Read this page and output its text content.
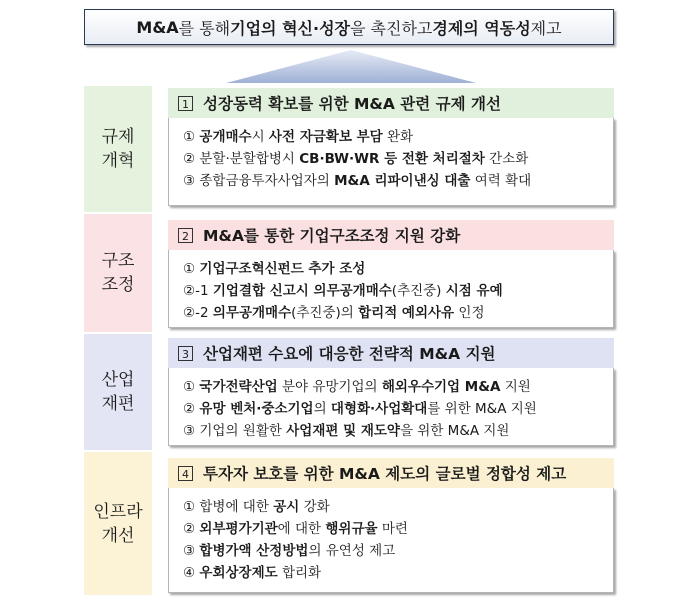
M&A 를 통해 기업의 혁신·성장 을 촉진하고 경제의 역동성 제고
규제
개혁
1 성장동력 확보를 위한 M&A 관련 규제 개선
① 공개매수시 사전 자금확보 부담 완화
② 분할·분할합병시 CB·BW·WR 등 전환 처리절차 간소화
③ 종합금융투자사업자의 M&A 리파이낸싱 대출 여력 확대
구조
조정
2 M&A를 통한 기업구조조정 지원 강화
① 기업구조혁신펀드 추가 조성
②-1 기업결합 신고시 의무공개매수(추진중) 시점 유예
②-2 의무공개매수(추진중)의 합리적 예외사유 인정
산업
재편
3 산업재편 수요에 대응한 전략적 M&A 지원
① 국가전략산업 분야 유망기업의 해외우수기업 M&A 지원
② 유망 벤처·중소기업의 대형화·사업확대를 위한 M&A 지원
③ 기업의 원활한 사업재편 및 재도약을 위한 M&A 지원
인프라
개선
4 투자자 보호를 위한 M&A 제도의 글로벌 정합성 제고
① 합병에 대한 공시 강화
② 외부평가기관에 대한 행위규율 마련
③ 합병가액 산정방법의 유연성 제고
④ 우회상장제도 합리화
